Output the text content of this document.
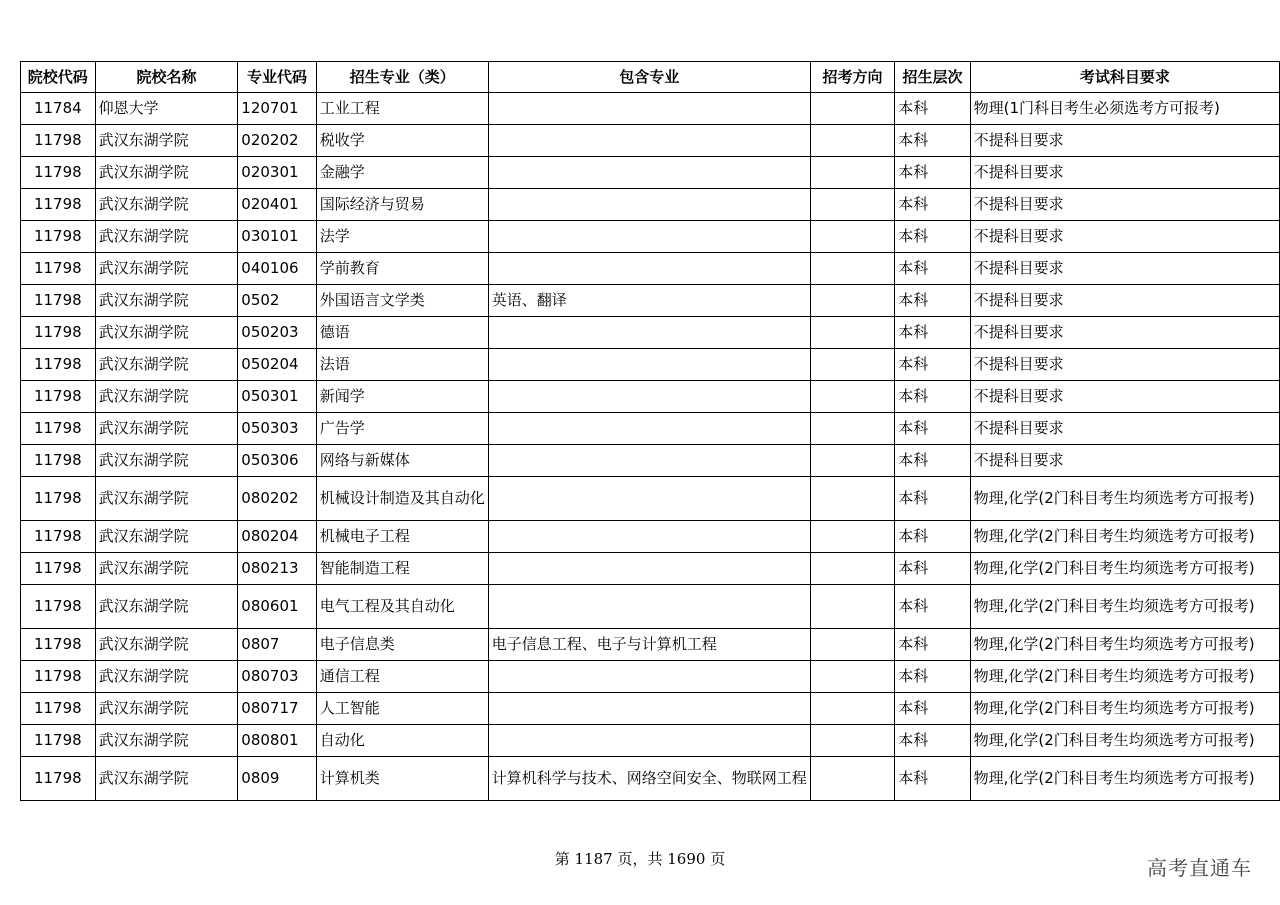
院校代码	院校名称	专业代码	招生专业（类）	包含专业	招考方向	招生层次	考试科目要求
11784	仰恩大学	120701	工业工程			本科	物理(1门科目考生必须选考方可报考)
11798	武汉东湖学院	020202	税收学			本科	不提科目要求
11798	武汉东湖学院	020301	金融学			本科	不提科目要求
11798	武汉东湖学院	020401	国际经济与贸易			本科	不提科目要求
11798	武汉东湖学院	030101	法学			本科	不提科目要求
11798	武汉东湖学院	040106	学前教育			本科	不提科目要求
11798	武汉东湖学院	0502	外国语言文学类	英语、翻译		本科	不提科目要求
11798	武汉东湖学院	050203	德语			本科	不提科目要求
11798	武汉东湖学院	050204	法语			本科	不提科目要求
11798	武汉东湖学院	050301	新闻学			本科	不提科目要求
11798	武汉东湖学院	050303	广告学			本科	不提科目要求
11798	武汉东湖学院	050306	网络与新媒体			本科	不提科目要求
11798	武汉东湖学院	080202	机械设计制造及其自动化			本科	物理,化学(2门科目考生均须选考方可报考)
11798	武汉东湖学院	080204	机械电子工程			本科	物理,化学(2门科目考生均须选考方可报考)
11798	武汉东湖学院	080213	智能制造工程			本科	物理,化学(2门科目考生均须选考方可报考)
11798	武汉东湖学院	080601	电气工程及其自动化			本科	物理,化学(2门科目考生均须选考方可报考)
11798	武汉东湖学院	0807	电子信息类	电子信息工程、电子与计算机工程		本科	物理,化学(2门科目考生均须选考方可报考)
11798	武汉东湖学院	080703	通信工程			本科	物理,化学(2门科目考生均须选考方可报考)
11798	武汉东湖学院	080717	人工智能			本科	物理,化学(2门科目考生均须选考方可报考)
11798	武汉东湖学院	080801	自动化			本科	物理,化学(2门科目考生均须选考方可报考)
11798	武汉东湖学院	0809	计算机类	计算机科学与技术、网络空间安全、物联网工程		本科	物理,化学(2门科目考生均须选考方可报考)
第 1187 页，共 1690 页	高考直通车
